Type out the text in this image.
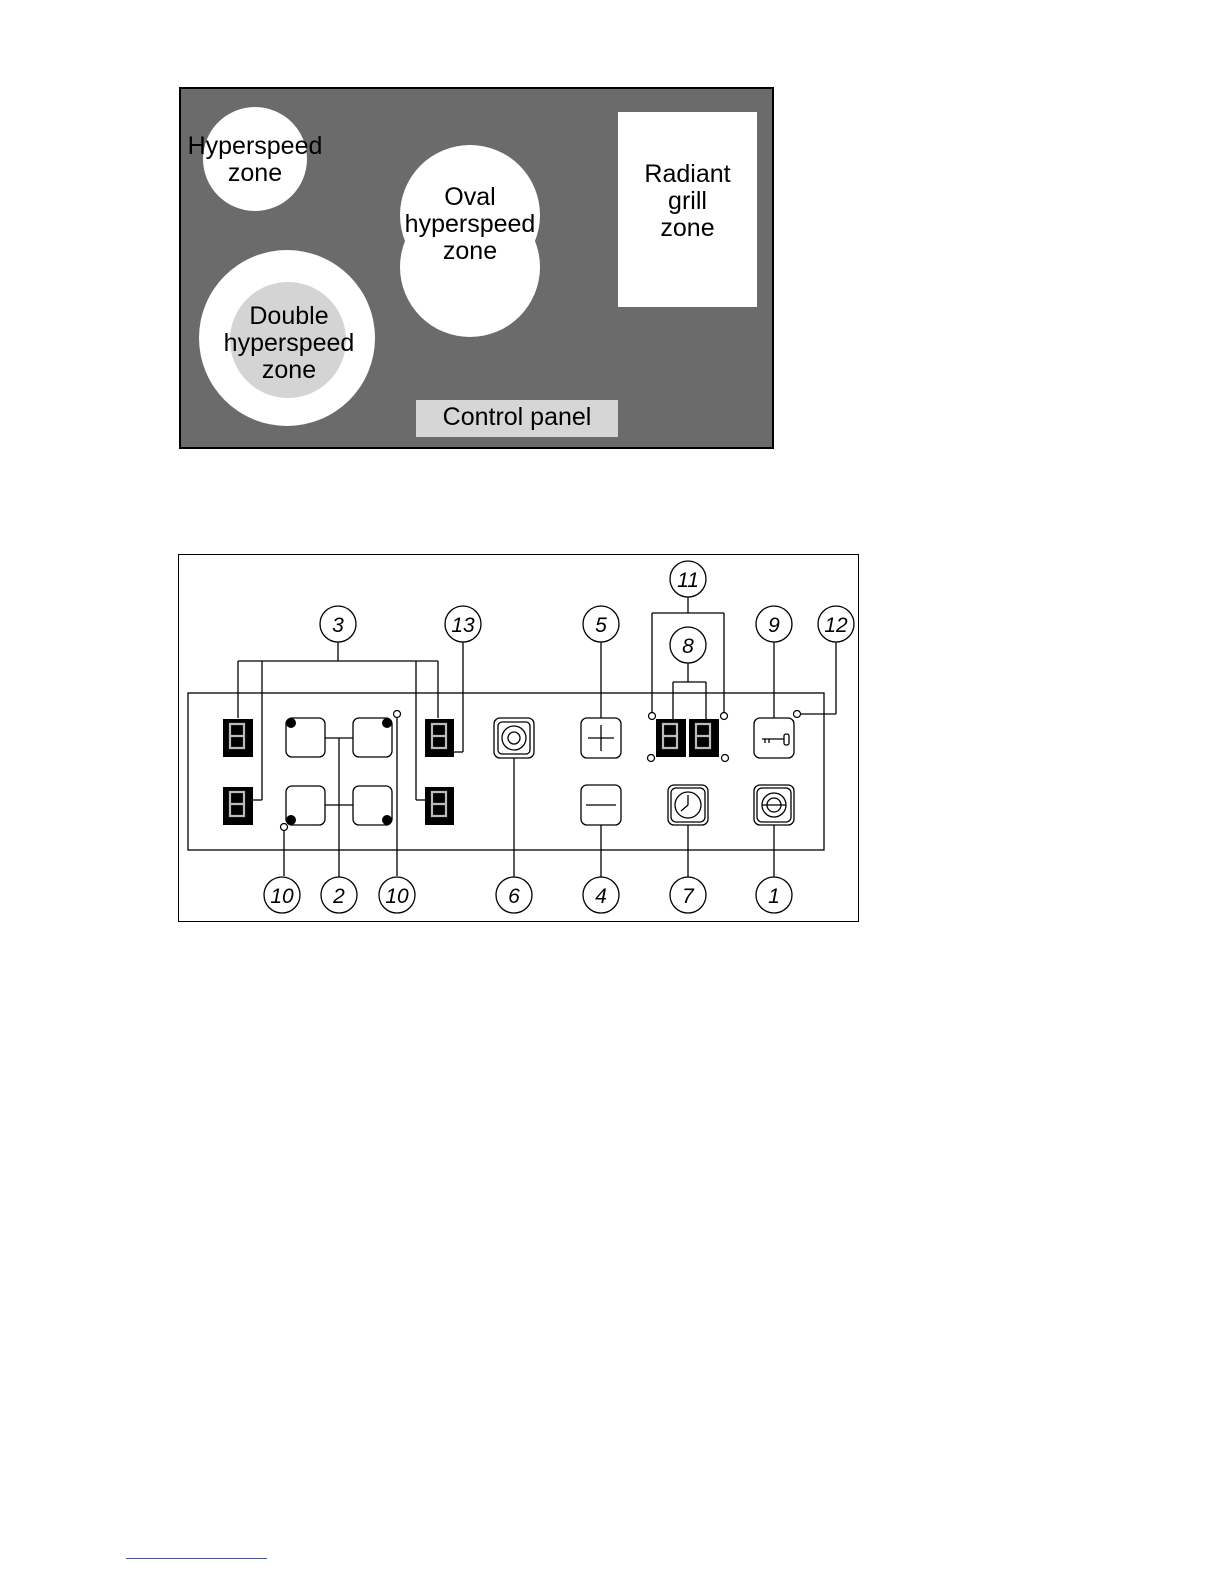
Hyperspeed
zone
Double
hyperspeed
zone
Oval
hyperspeed
zone
Radiant
grill
zone
Control panel
3	13	5
11
8
9 12
10 2 10	6	4	7	1
